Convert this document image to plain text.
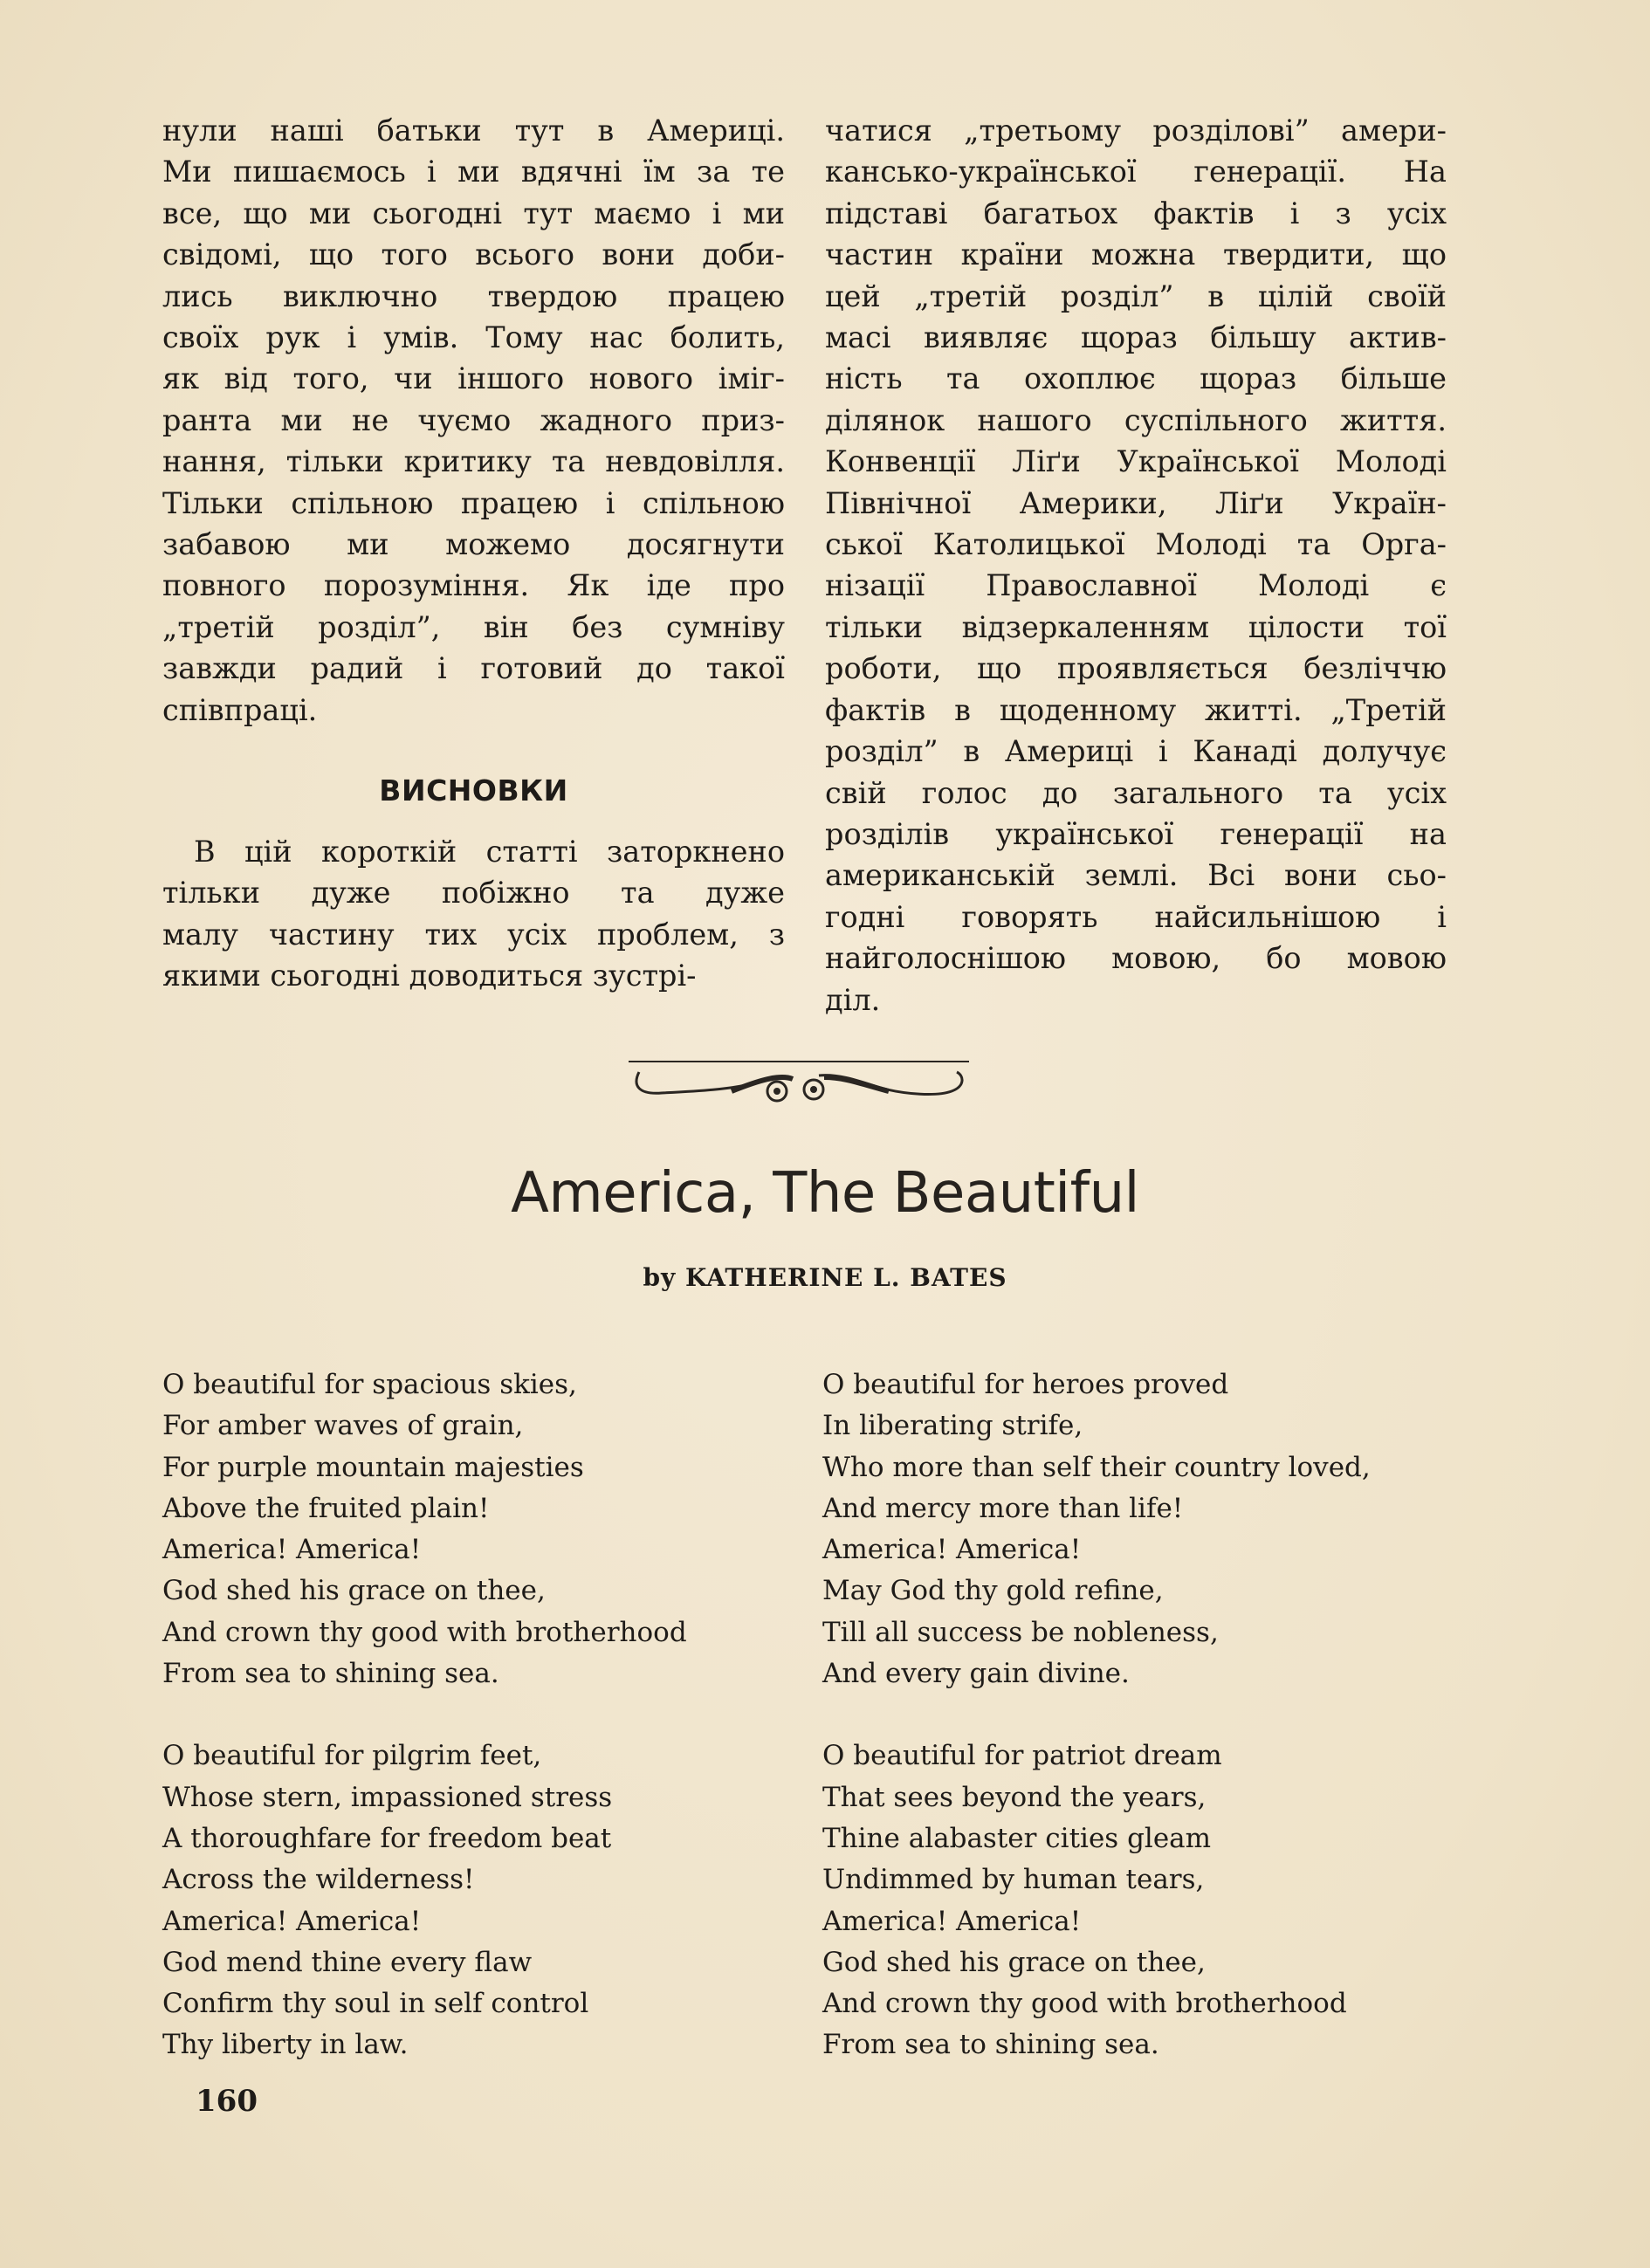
нули наші батьки тут в Америці.
Ми пишаємось і ми вдячні їм за те
все, що ми сьогодні тут маємо і ми
свідомі, що того всього вони доби-
лись виключно твердою працею
своїх рук і умів. Тому нас болить,
як від того, чи іншого нового іміг-
ранта ми не чуємо жадного приз-
нання, тільки критику та невдовілля.
Тільки спільною працею і спільною
забавою ми можемо досягнути
повного порозуміння. Як іде про
„третій розділ”, він без сумніву
завжди радий і готовий до такої
співпраці.
ВИСНОВКИ
В цій короткій статті заторкнено
тільки дуже побіжно та дуже
малу частину тих усіх проблем, з
якими сьогодні доводиться зустрі-
чатися „третьому розділові” амери-
кансько-української генерації. На
підставі багатьох фактів і з усіх
частин країни можна твердити, що
цей „третій розділ” в цілій своїй
масі виявляє щораз більшу актив-
ність та охоплює щораз більше
ділянок нашого суспільного життя.
Конвенції Ліґи Української Молоді
Північної Америки, Ліґи Україн-
ської Католицької Молоді та Орга-
нізації Православної Молоді є
тільки відзеркаленням цілости тої
роботи, що проявляється безліччю
фактів в щоденному житті. „Третій
розділ” в Америці і Канаді долучує
свій голос до загального та усіх
розділів української генерації на
американській землі. Всі вони сьо-
годні говорять найсильнішою і
найголоснішою мовою, бо мовою
діл.
America, The Beautiful
by KATHERINE L. BATES
O beautiful for spacious skies,
For amber waves of grain,
For purple mountain majesties
Above the fruited plain!
America! America!
God shed his grace on thee,
And crown thy good with brotherhood
From sea to shining sea.
O beautiful for pilgrim feet,
Whose stern, impassioned stress
A thoroughfare for freedom beat
Across the wilderness!
America! America!
God mend thine every flaw
Confirm thy soul in self control
Thy liberty in law.
O beautiful for heroes proved
In liberating strife,
Who more than self their country loved,
And mercy more than life!
America! America!
May God thy gold refine,
Till all success be nobleness,
And every gain divine.
O beautiful for patriot dream
That sees beyond the years,
Thine alabaster cities gleam
Undimmed by human tears,
America! America!
God shed his grace on thee,
And crown thy good with brotherhood
From sea to shining sea.
160
